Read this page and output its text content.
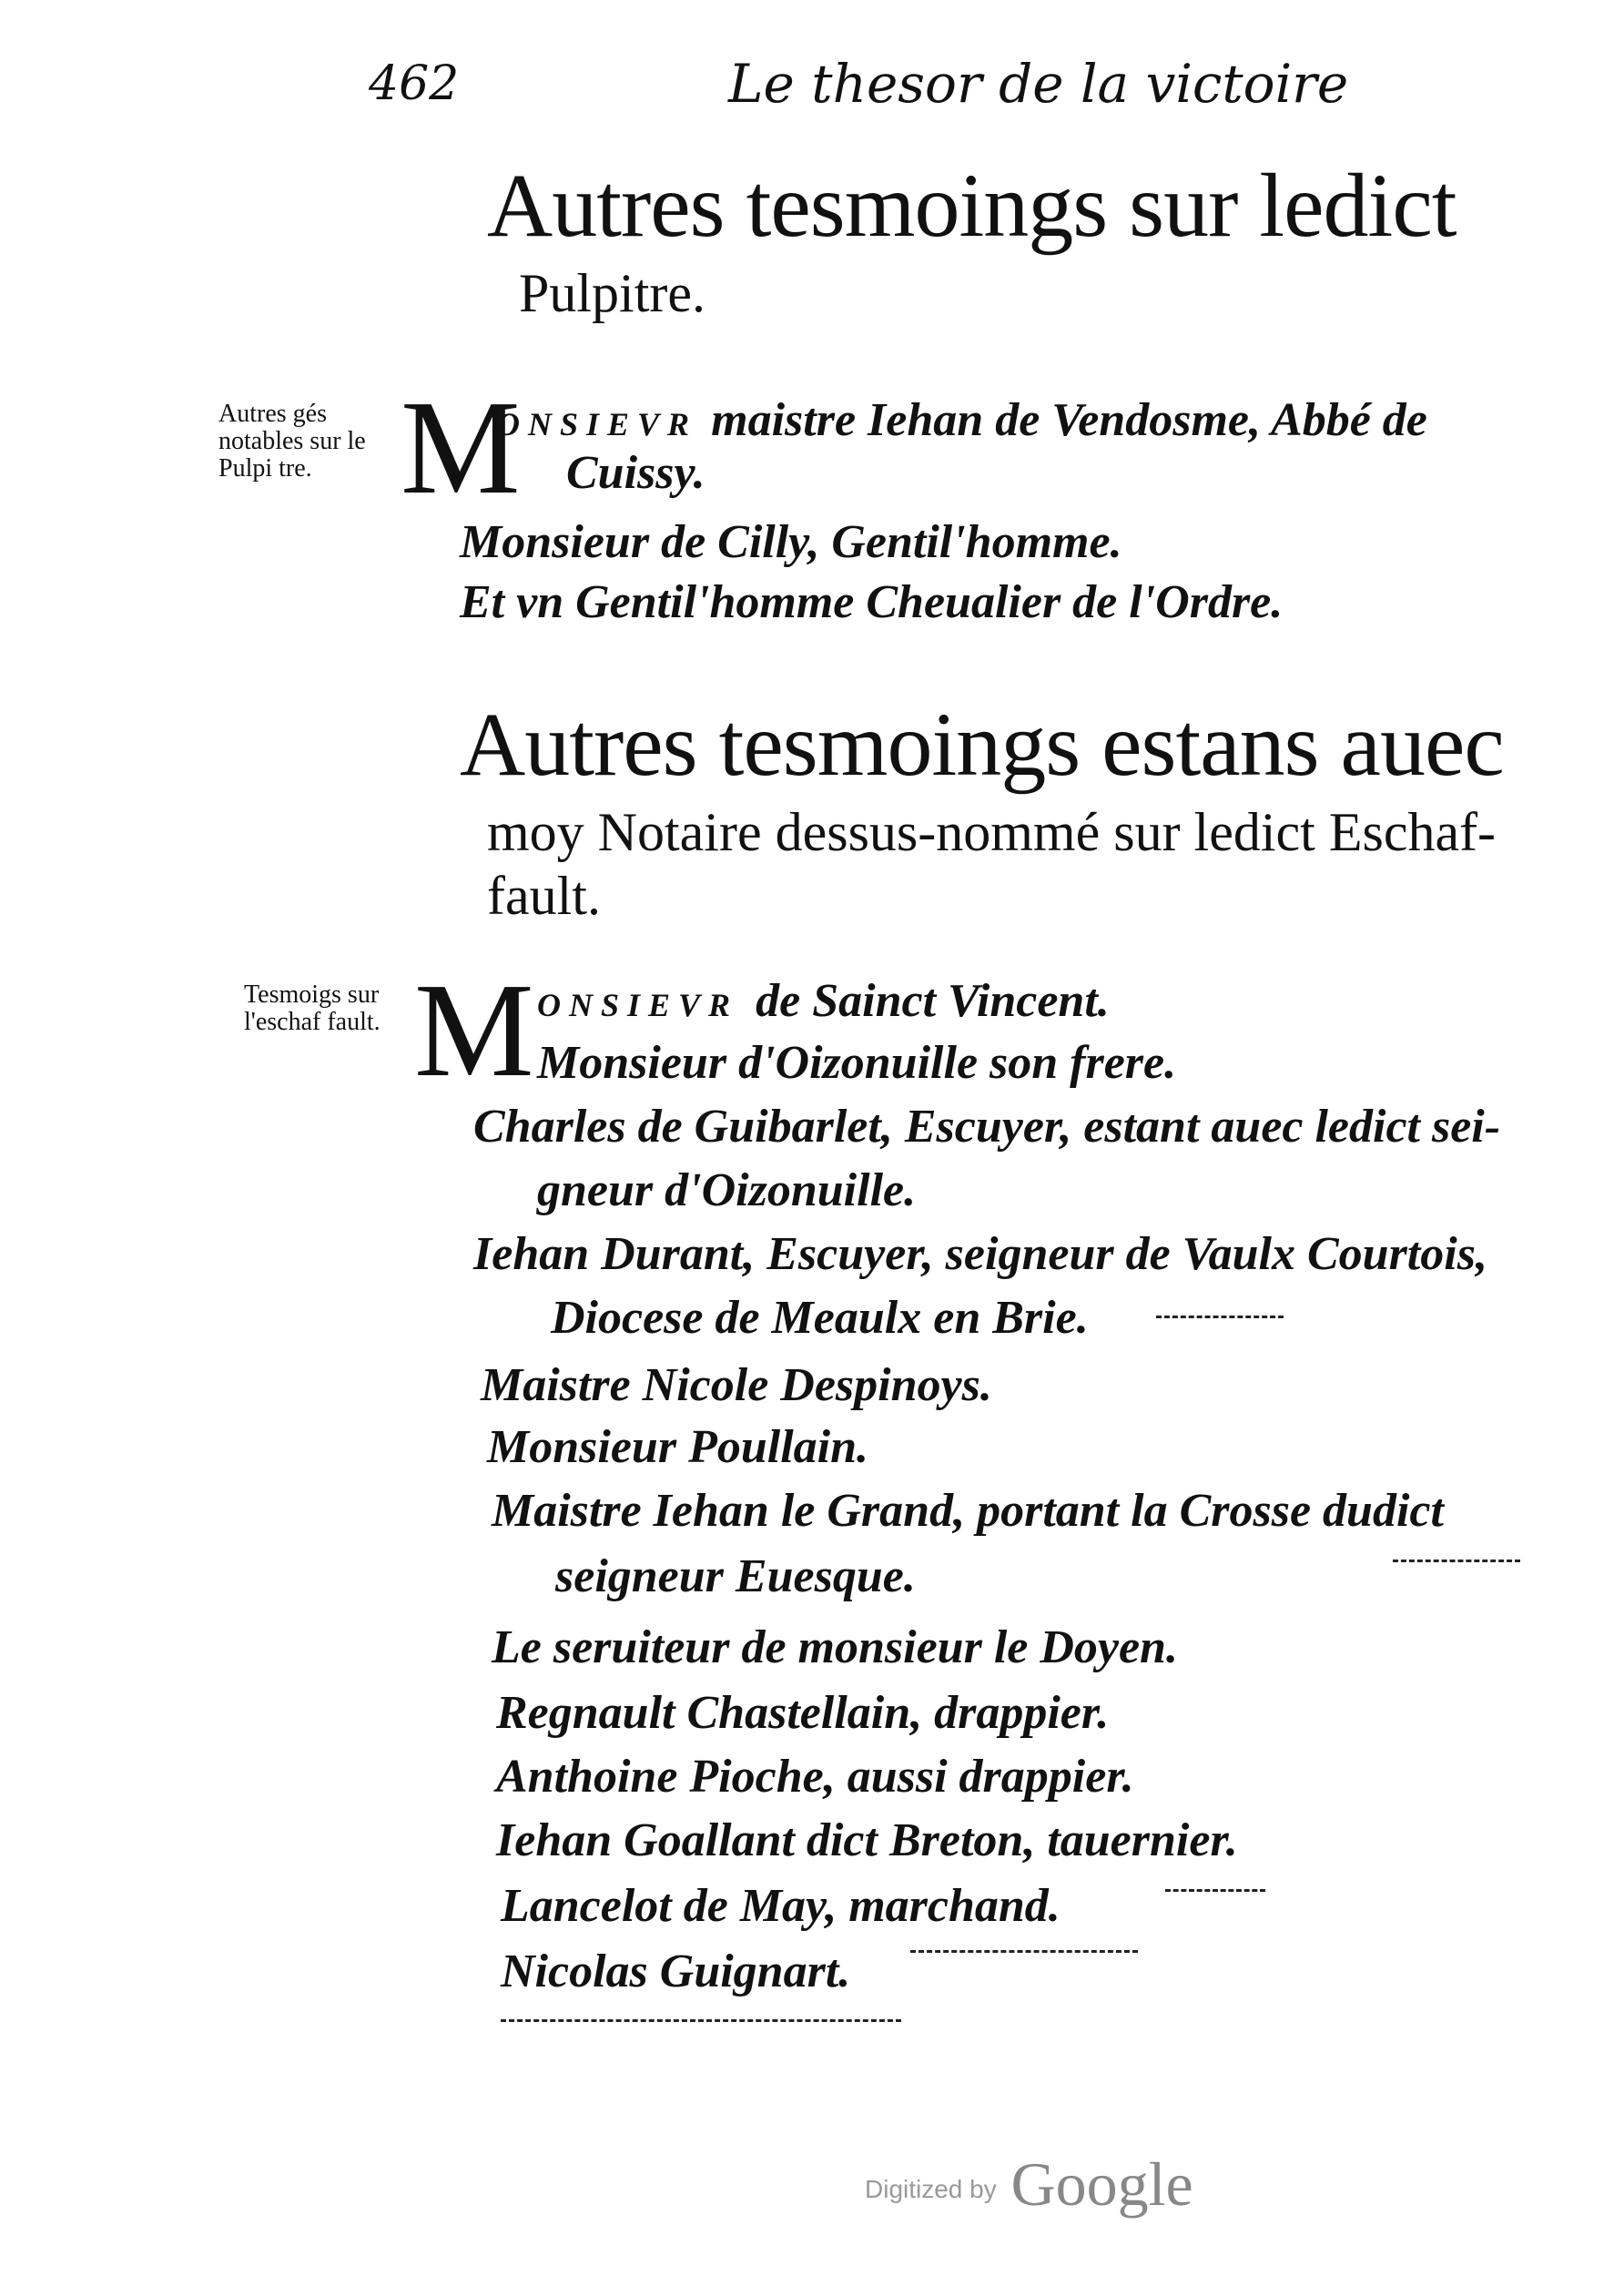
462	Le thesor de la victoire
Autres tesmoings sur ledict
Pulpitre.
Autres gés notables sur le Pulpi tre. M
ONSIEVR maistre Iehan de Vendosme, Abbé de
Cuissy.
Monsieur de Cilly, Gentil'homme.
Et vn Gentil'homme Cheualier de l'Ordre.
Autres tesmoings estans auec
moy Notaire dessus-nommé sur ledict Eschaf-
fault.
Tesmoigs sur l'eschaf fault. M ONSIEVR de Sainct Vincent.
Monsieur d'Oizonuille son frere.
Charles de Guibarlet, Escuyer, estant auec ledict sei-
gneur d'Oizonuille.
Iehan Durant, Escuyer, seigneur de Vaulx Courtois,
Diocese de Meaulx en Brie.
Maistre Nicole Despinoys.
Monsieur Poullain.
Maistre Iehan le Grand, portant la Crosse dudict
seigneur Euesque.
Le seruiteur de monsieur le Doyen.
Regnault Chastellain, drappier.
Anthoine Pioche, aussi drappier.
Iehan Goallant dict Breton, tauernier.
Lancelot de May, marchand.
Nicolas Guignart.
Digitized by Google
